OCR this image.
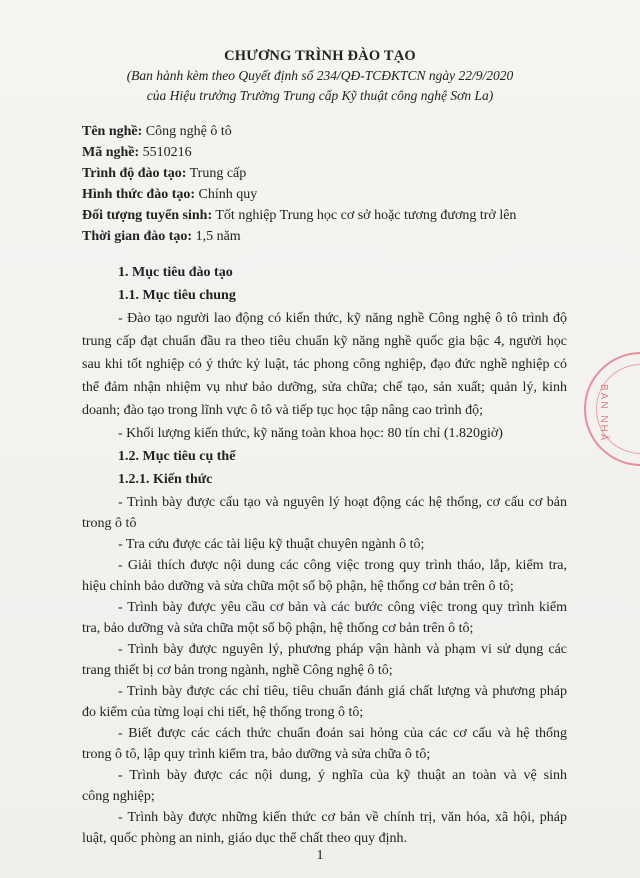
CHƯƠNG TRÌNH ĐÀO TẠO
(Ban hành kèm theo Quyết định số 234/QĐ-TCĐKTCN ngày 22/9/2020
của Hiệu trưởng Trường Trung cấp Kỹ thuật công nghệ Sơn La)
Tên nghề: Công nghệ ô tô
Mã nghề: 5510216
Trình độ đào tạo: Trung cấp
Hình thức đào tạo: Chính quy
Đối tượng tuyển sinh: Tốt nghiệp Trung học cơ sở hoặc tương đương trở lên
Thời gian đào tạo: 1,5 năm
1. Mục tiêu đào tạo
1.1. Mục tiêu chung
- Đào tạo người lao động có kiến thức, kỹ năng nghề Công nghệ ô tô trình độ
trung cấp đạt chuẩn đầu ra theo tiêu chuẩn kỹ năng nghề quốc gia bậc 4, người học
sau khi tốt nghiệp có ý thức kỷ luật, tác phong công nghiệp, đạo đức nghề nghiệp có
thể đảm nhận nhiệm vụ như bảo dưỡng, sửa chữa; chế tạo, sản xuất; quản lý, kinh
doanh; đào tạo trong lĩnh vực ô tô và tiếp tục học tập nâng cao trình độ;
- Khối lượng kiến thức, kỹ năng toàn khoa học: 80 tín chỉ (1.820giờ)
1.2. Mục tiêu cụ thể
1.2.1. Kiến thức
- Trình bày được cấu tạo và nguyên lý hoạt động các hệ thống, cơ cấu cơ bản
trong ô tô
- Tra cứu được các tài liệu kỹ thuật chuyên ngành ô tô;
- Giải thích được nội dung các công việc trong quy trình tháo, lắp, kiểm tra,
hiệu chỉnh bảo dưỡng và sửa chữa một số bộ phận, hệ thống cơ bản trên ô tô;
- Trình bày được yêu cầu cơ bản và các bước công việc trong quy trình kiểm
tra, bảo dưỡng và sửa chữa một số bộ phận, hệ thống cơ bản trên ô tô;
- Trình bày được nguyên lý, phương pháp vận hành và phạm vi sử dụng các
trang thiết bị cơ bản trong ngành, nghề Công nghệ ô tô;
- Trình bày được các chỉ tiêu, tiêu chuẩn đánh giá chất lượng và phương pháp
đo kiểm của từng loại chi tiết, hệ thống trong ô tô;
- Biết được các cách thức chuẩn đoán sai hỏng của các cơ cấu và hệ thống
trong ô tô, lập quy trình kiểm tra, bảo dưỡng và sửa chữa ô tô;
- Trình bày được các nội dung, ý nghĩa của kỹ thuật an toàn và vệ sinh
công nghiệp;
1
BAN NHÂ
- Trình bày được những kiến thức cơ bản về chính trị, văn hóa, xã hội, pháp
luật, quốc phòng an ninh, giáo dục thể chất theo quy định.
